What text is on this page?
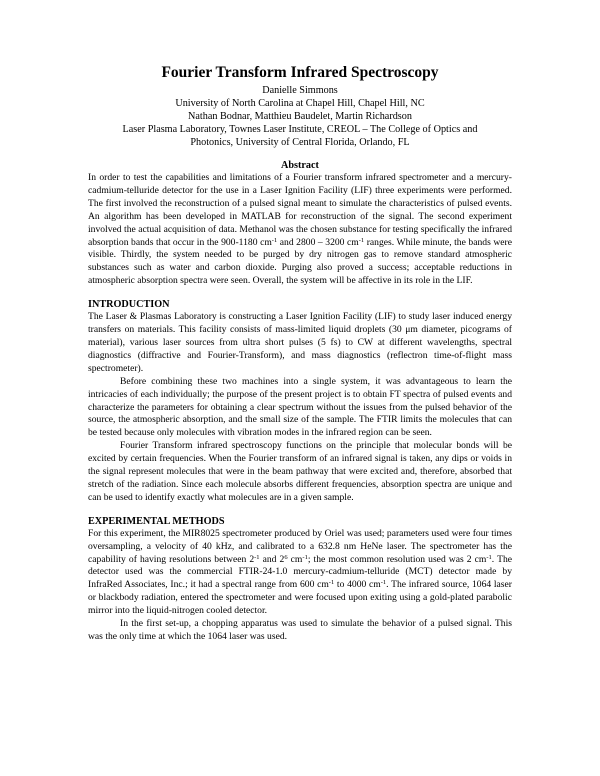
Fourier Transform Infrared Spectroscopy
Danielle Simmons
University of North Carolina at Chapel Hill, Chapel Hill, NC
Nathan Bodnar, Matthieu Baudelet, Martin Richardson
Laser Plasma Laboratory, Townes Laser Institute, CREOL – The College of Optics and
Photonics, University of Central Florida, Orlando, FL
Abstract

In order to test the capabilities and limitations of a Fourier transform infrared spectrometer and a mercury-cadmium-telluride detector for the use in a Laser Ignition Facility (LIF) three experiments were performed. The first involved the reconstruction of a pulsed signal meant to simulate the characteristics of pulsed events. An algorithm has been developed in MATLAB for reconstruction of the signal. The second experiment involved the actual acquisition of data. Methanol was the chosen substance for testing specifically the infrared absorption bands that occur in the 900-1180 $cm^{-1}$ and 2800 – 3200 $cm^{-1}$ ranges. While minute, the bands were visible. Thirdly, the system needed to be purged by dry nitrogen gas to remove standard atmospheric substances such as water and carbon dioxide. Purging also proved a success; acceptable reductions in atmospheric absorption spectra were seen. Overall, the system will be affective in its role in the LIF.

INTRODUCTION

The Laser & Plasmas Laboratory is constructing a Laser Ignition Facility (LIF) to study laser induced energy transfers on materials. This facility consists of mass-limited liquid droplets (30 μm diameter, picograms of material), various laser sources from ultra short pulses (5 fs) to CW at different wavelengths, spectral diagnostics (diffractive and Fourier-Transform), and mass diagnostics (reflectron time-of-flight mass spectrometer).

Before combining these two machines into a single system, it was advantageous to learn the intricacies of each individually; the purpose of the present project is to obtain FT spectra of pulsed events and characterize the parameters for obtaining a clear spectrum without the issues from the pulsed behavior of the source, the atmospheric absorption, and the small size of the sample. The FTIR limits the molecules that can be tested because only molecules with vibration modes in the infrared region can be seen.

Fourier Transform infrared spectroscopy functions on the principle that molecular bonds will be excited by certain frequencies. When the Fourier transform of an infrared signal is taken, any dips or voids in the signal represent molecules that were in the beam pathway that were excited and, therefore, absorbed that stretch of the radiation. Since each molecule absorbs different frequencies, absorption spectra are unique and can be used to identify exactly what molecules are in a given sample.

EXPERIMENTAL METHODS

For this experiment, the MIR8025 spectrometer produced by Oriel was used; parameters used were four times oversampling, a velocity of 40 kHz, and calibrated to a 632.8 nm HeNe laser. The spectrometer has the capability of having resolutions between $2^{-1}$ and $2^6$ $cm^{-1}$; the most common resolution used was 2 $cm^{-1}$. The detector used was the commercial FTIR-24-1.0 mercury-cadmium-telluride (MCT) detector made by InfraRed Associates, Inc.; it had a spectral range from 600 $cm^{-1}$ to 4000 $cm^{-1}$. The infrared source, 1064 laser or blackbody radiation, entered the spectrometer and were focused upon exiting using a gold-plated parabolic mirror into the liquid-nitrogen cooled detector.

In the first set-up, a chopping apparatus was used to simulate the behavior of a pulsed signal. This was the only time at which the 1064 laser was used.
